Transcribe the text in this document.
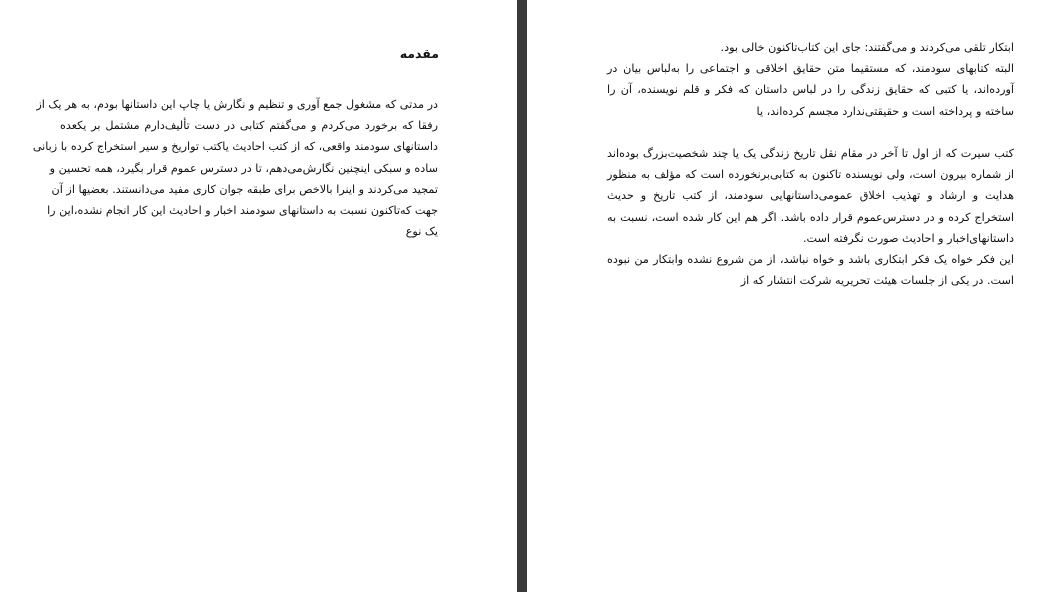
مقدمه
در مدتی که مشغول جمع آوری و تنظیم و نگارش یا چاپ این داستانها بودم، به هر یک از
رفقا که برخورد می‌کردم و می‌گفتم کتابی در دست تألیف‌دارم مشتمل بر یکعده
داستانهای سودمند واقعی، که از کتب احادیث یاکتب تواریخ و سیر استخراج کرده با زبانی
ساده و سبکی اینچنین نگارش‌می‌دهم، تا در دسترس عموم قرار بگیرد، همه تحسین و
تمجید می‌کردند و اینرا بالاخص برای طبقه جوان کاری مفید می‌دانستند. بعضیها از آن
جهت که‌تاکنون نسبت به داستانهای سودمند اخبار و احادیث این کار انجام نشده،این را
یک نوع
ابتکار تلقی می‌کردند و می‌گفتند: جای این کتاب‌تاکنون خالی بود.
البته کتابهای سودمند، که مستقیما متن حقایق اخلاقی و اجتماعی را به‌لباس بیان در
آورده‌اند، یا کتبی که حقایق زندگی را در لباس داستان که فکر و قلم نویسنده، آن را
ساخته و پرداخته است و حقیقتی‌ندارد مجسم کرده‌اند، یا
کتب سیرت که از اول تا آخر در مقام نقل تاریخ زندگی یک یا چند شخصیت‌بزرگ بوده‌اند
از شماره بیرون است، ولی نویسنده تاکنون به کتابی‌برنخورده است که مؤلف به منظور
هدایت و ارشاد و تهذیب اخلاق عمومی‌داستانهایی سودمند، از کتب تاریخ و حدیث
استخراج کرده و در دسترس‌عموم قرار داده باشد. اگر هم این کار شده است، نسبت به
داستانهای‌اخبار و احادیث صورت نگرفته است.
این فکر خواه یک فکر ابتکاری باشد و خواه نباشد، از من شروع نشده وابتکار من نبوده
است. در یکی از جلسات هیئت تحریریه شرکت انتشار که از
